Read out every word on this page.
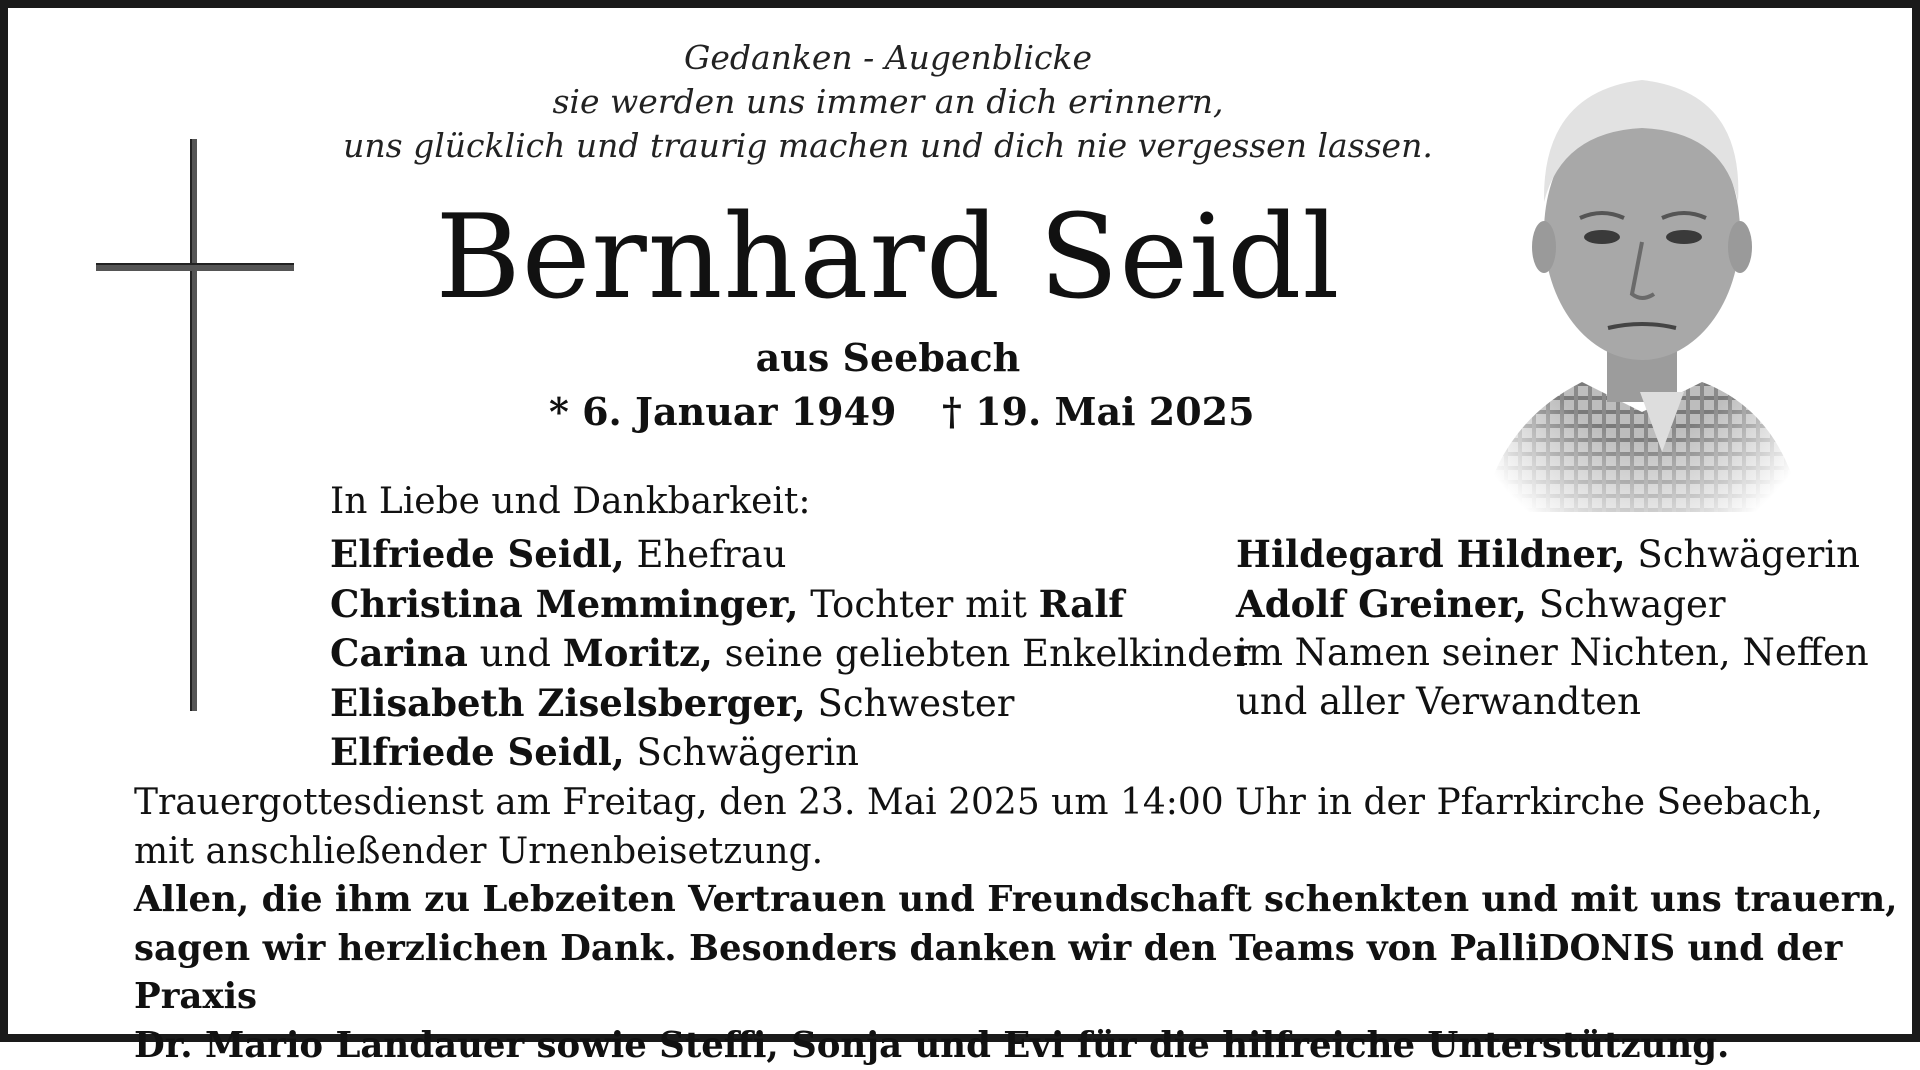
Gedanken - Augenblicke
sie werden uns immer an dich erinnern,
uns glücklich und traurig machen und dich nie vergessen lassen.
Bernhard Seidl
aus Seebach
* 6. Januar 1949 † 19. Mai 2025
In Liebe und Dankbarkeit:
Elfriede Seidl, Ehefrau
Christina Memminger, Tochter mit Ralf
Carina und Moritz, seine geliebten Enkelkinder
Elisabeth Ziselsberger, Schwester
Elfriede Seidl, Schwägerin
Hildegard Hildner, Schwägerin
Adolf Greiner, Schwager
im Namen seiner Nichten, Neffen
und aller Verwandten
Trauergottesdienst am Freitag, den 23. Mai 2025 um 14:00 Uhr in der Pfarrkirche Seebach,
mit anschließender Urnenbeisetzung.
Allen, die ihm zu Lebzeiten Vertrauen und Freundschaft schenkten und mit uns trauern,
sagen wir herzlichen Dank. Besonders danken wir den Teams von PalliDONIS und der Praxis
Dr. Mario Landauer sowie Steffi, Sonja und Evi für die hilfreiche Unterstützung.
